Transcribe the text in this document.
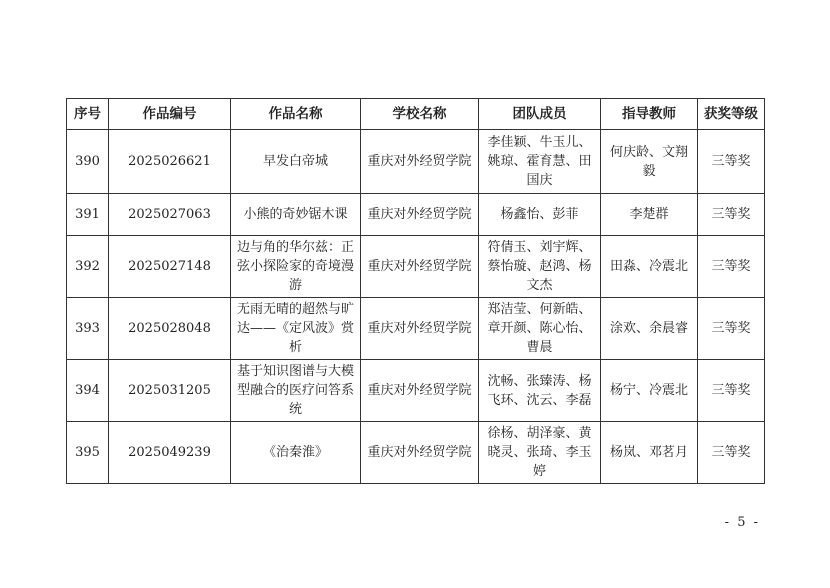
序号	作品编号	作品名称	学校名称	团队成员	指导教师	获奖等级
390	2025026621	早发白帝城	重庆对外经贸学院	李佳颖、牛玉儿、姚琼、霍育慧、田国庆	何庆龄、文翔毅	三等奖
391	2025027063	小熊的奇妙锯木课	重庆对外经贸学院	杨鑫怡、彭菲	李楚群	三等奖
392	2025027148	边与角的华尔兹：正弦小探险家的奇境漫游	重庆对外经贸学院	符倩玉、刘宇辉、蔡怡璇、赵鸿、杨文杰	田淼、冷震北	三等奖
393	2025028048	无雨无晴的超然与旷达——《定风波》赏析	重庆对外经贸学院	郑洁莹、何新皓、章开颜、陈心怡、曹晨	涂欢、余晨睿	三等奖
394	2025031205	基于知识图谱与大模型融合的医疗问答系统	重庆对外经贸学院	沈畅、张臻涛、杨飞环、沈云、李磊	杨宁、冷震北	三等奖
395	2025049239	《治秦淮》	重庆对外经贸学院	徐杨、胡泽豪、黄晓灵、张琦、李玉婷	杨岚、邓茗月	三等奖
- 5 -
